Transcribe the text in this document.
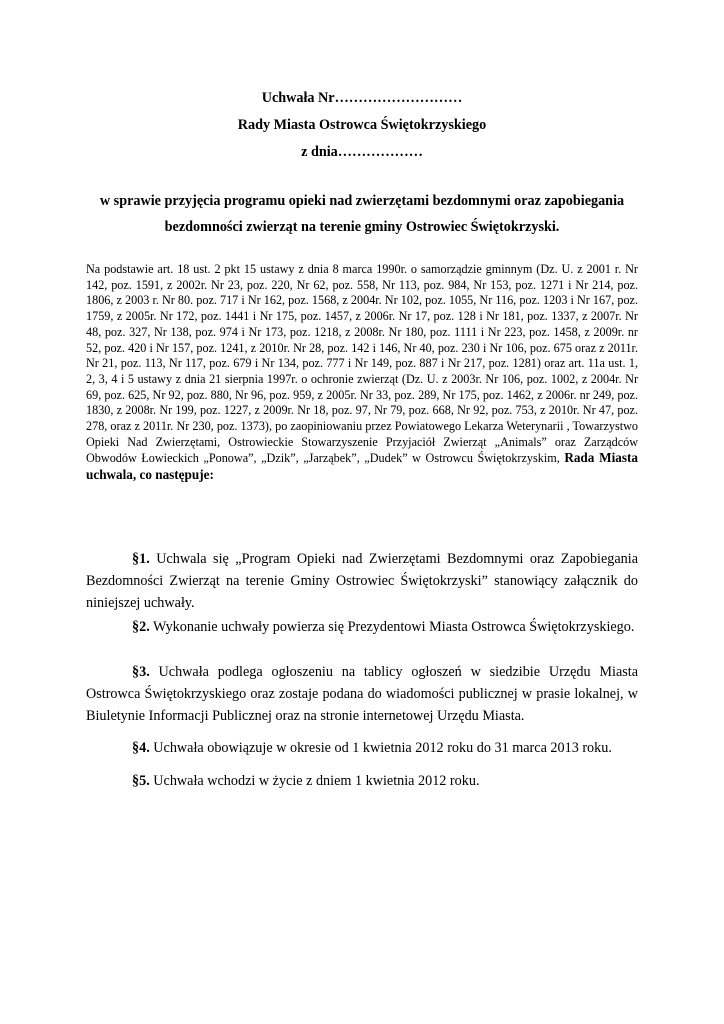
Uchwała Nr………………………
Rady Miasta Ostrowca Świętokrzyskiego
z dnia………………
w sprawie przyjęcia programu opieki nad zwierzętami bezdomnymi oraz zapobiegania
bezdomności zwierząt na terenie gminy Ostrowiec Świętokrzyski.
Na podstawie art. 18 ust. 2 pkt 15 ustawy z dnia 8 marca 1990r. o samorządzie gminnym (Dz. U. z 2001 r. Nr 142, poz. 1591, z 2002r. Nr 23, poz. 220, Nr 62, poz. 558, Nr 113, poz. 984, Nr 153, poz. 1271 i Nr 214, poz. 1806, z 2003 r. Nr 80. poz. 717 i Nr 162, poz. 1568, z 2004r. Nr 102, poz. 1055, Nr 116, poz. 1203 i Nr 167, poz. 1759, z 2005r. Nr 172, poz. 1441 i Nr 175, poz. 1457, z 2006r. Nr 17, poz. 128 i Nr 181, poz. 1337, z 2007r. Nr 48, poz. 327, Nr 138, poz. 974 i Nr 173, poz. 1218, z 2008r. Nr 180, poz. 1111 i Nr 223, poz. 1458, z 2009r. nr 52, poz. 420 i Nr 157, poz. 1241, z 2010r. Nr 28, poz. 142 i 146, Nr 40, poz. 230 i Nr 106, poz. 675 oraz z 2011r. Nr 21, poz. 113, Nr 117, poz. 679 i Nr 134, poz. 777 i Nr 149, poz. 887 i Nr 217, poz. 1281) oraz art. 11a ust. 1, 2, 3, 4 i 5 ustawy z dnia 21 sierpnia 1997r. o ochronie zwierząt (Dz. U. z 2003r. Nr 106, poz. 1002, z 2004r. Nr 69, poz. 625, Nr 92, poz. 880, Nr 96, poz. 959, z 2005r. Nr 33, poz. 289, Nr 175, poz. 1462, z 2006r. nr 249, poz. 1830, z 2008r. Nr 199, poz. 1227, z 2009r. Nr 18, poz. 97, Nr 79, poz. 668, Nr 92, poz. 753, z 2010r. Nr 47, poz. 278, oraz z 2011r. Nr 230, poz. 1373), po zaopiniowaniu przez Powiatowego Lekarza Weterynarii , Towarzystwo Opieki Nad Zwierzętami, Ostrowieckie Stowarzyszenie Przyjaciół Zwierząt „Animals” oraz Zarządców Obwodów Łowieckich „Ponowa”, „Dzik”, „Jarząbek”, „Dudek” w Ostrowcu Świętokrzyskim, Rada Miasta uchwala, co następuje:
§1. Uchwala się „Program Opieki nad Zwierzętami Bezdomnymi oraz Zapobiegania Bezdomności Zwierząt na terenie Gminy Ostrowiec Świętokrzyski” stanowiący załącznik do niniejszej uchwały.
§2. Wykonanie uchwały powierza się Prezydentowi Miasta Ostrowca Świętokrzyskiego.
§3. Uchwała podlega ogłoszeniu na tablicy ogłoszeń w siedzibie Urzędu Miasta Ostrowca Świętokrzyskiego oraz zostaje podana do wiadomości publicznej w prasie lokalnej, w Biuletynie Informacji Publicznej oraz na stronie internetowej Urzędu Miasta.
§4. Uchwała obowiązuje w okresie od 1 kwietnia 2012 roku do 31 marca 2013 roku.
§5. Uchwała wchodzi w życie z dniem 1 kwietnia 2012 roku.
